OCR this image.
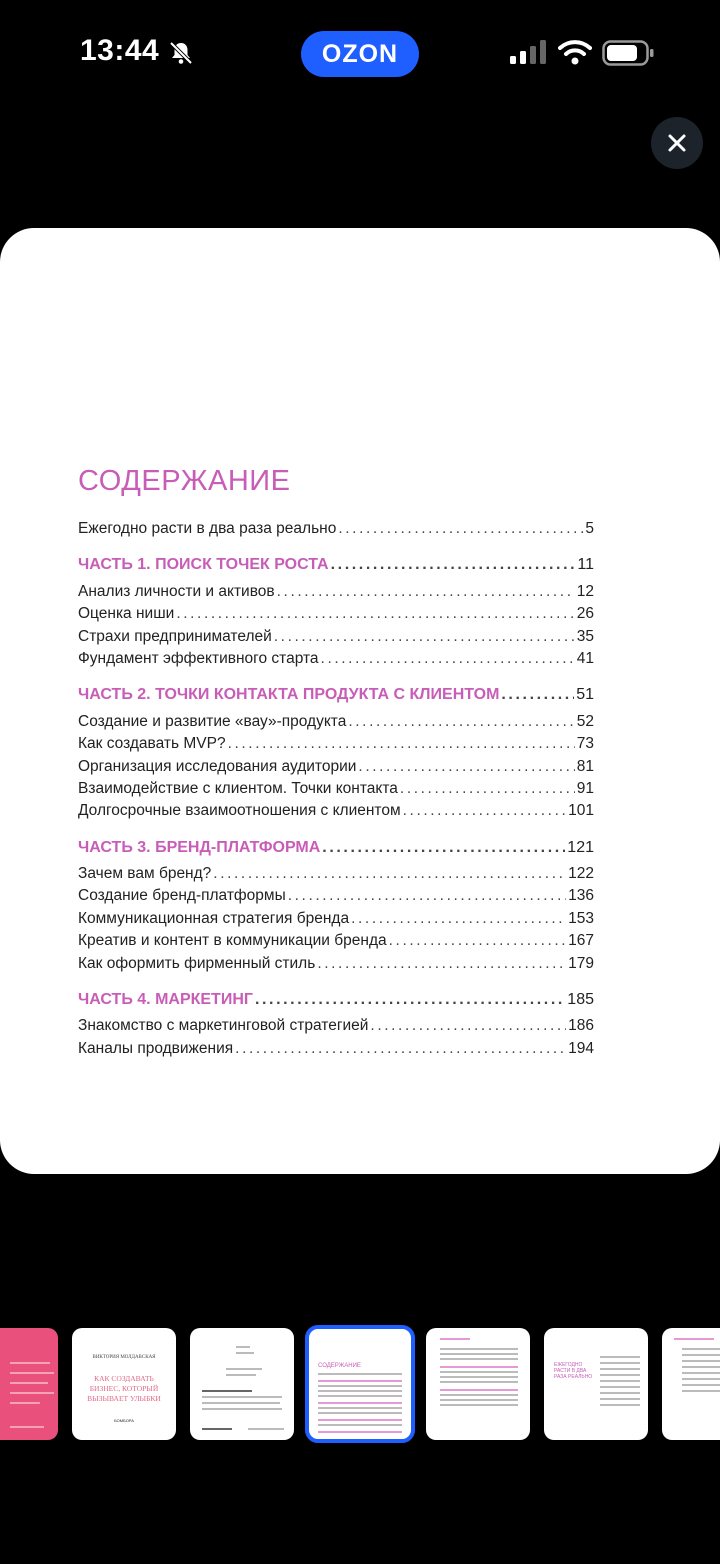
13:44	OZON
СОДЕРЖАНИЕ
Ежегодно расти в два раза реально .....	5
ЧАСТЬ 1. ПОИСК ТОЧЕК РОСТА .....	11
Анализ личности и активов .....	12
Оценка ниши .....	26
Страхи предпринимателей .....	35
Фундамент эффективного старта .....	41
ЧАСТЬ 2. ТОЧКИ КОНТАКТА ПРОДУКТА С КЛИЕНТОМ .....	51
Создание и развитие «вау»-продукта .....	52
Как создавать MVP? .....	73
Организация исследования аудитории .....	81
Взаимодействие с клиентом. Точки контакта .....	91
Долгосрочные взаимоотношения с клиентом .....	101
ЧАСТЬ 3. БРЕНД-ПЛАТФОРМА .....	121
Зачем вам бренд? .....	122
Создание бренд-платформы .....	136
Коммуникационная стратегия бренда .....	153
Креатив и контент в коммуникации бренда .....	167
Как оформить фирменный стиль .....	179
ЧАСТЬ 4. МАРКЕТИНГ .....	185
Знакомство с маркетинговой стратегией .....	186
Каналы продвижения .....	194
ВИКТОРИЯ МОЛДАВСКАЯ
КАК СОЗДАВАТЬ БИЗНЕС, КОТОРЫЙ ВЫЗЫВАЕТ УЛЫБКИ
БОМБОРА
СОДЕРЖАНИЕ	ЕЖЕГОДНО РАСТИ В ДВА РАЗА РЕАЛЬНО
